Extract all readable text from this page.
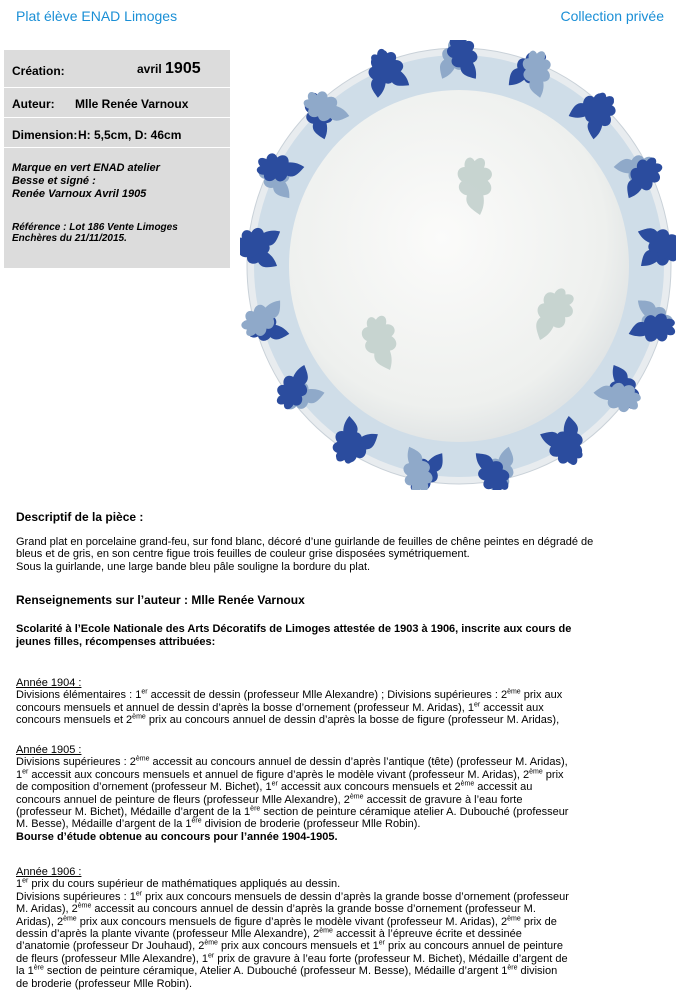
Plat élève ENAD Limoges	Collection privée
Création:	avril 1905
Auteur: Mlle Renée Varnoux
Dimension: H: 5,5cm, D: 46cm
Marque en vert ENAD atelier
Besse et signé :
Renée Varnoux Avril 1905
Référence : Lot 186 Vente Limoges
Enchères du 21/11/2015.
Descriptif de la pièce :
Grand plat en porcelaine grand-feu, sur fond blanc, décoré d’une guirlande de feuilles de chêne peintes en dégradé de
bleus et de gris, en son centre figue trois feuilles de couleur grise disposées symétriquement.
Sous la guirlande, une large bande bleu pâle souligne la bordure du plat.
Renseignements sur l’auteur : Mlle Renée Varnoux
Scolarité à l’Ecole Nationale des Arts Décoratifs de Limoges attestée de 1903 à 1906, inscrite aux cours de
jeunes filles, récompenses attribuées:
Année 1904 :
Divisions élémentaires : 1er accessit de dessin (professeur Mlle Alexandre) ; Divisions supérieures : 2ème prix aux
concours mensuels et annuel de dessin d’après la bosse d’ornement (professeur M. Aridas), 1er accessit aux
concours mensuels et 2ème prix au concours annuel de dessin d’après la bosse de figure (professeur M. Aridas),
Année 1905 :
Divisions supérieures : 2ème accessit au concours annuel de dessin d’après l’antique (tête) (professeur M. Aridas),
1er accessit aux concours mensuels et annuel de figure d’après le modèle vivant (professeur M. Aridas), 2ème prix
de composition d’ornement (professeur M. Bichet), 1er accessit aux concours mensuels et 2ème accessit au
concours annuel de peinture de fleurs (professeur Mlle Alexandre), 2ème accessit de gravure à l’eau forte
(professeur M. Bichet), Médaille d’argent de la 1ère section de peinture céramique atelier A. Dubouché (professeur
M. Besse), Médaille d’argent de la 1ère division de broderie (professeur Mlle Robin).
Bourse d’étude obtenue au concours pour l’année 1904-1905.
Année 1906 :
1er prix du cours supérieur de mathématiques appliqués au dessin.
Divisions supérieures : 1er prix aux concours mensuels de dessin d’après la grande bosse d’ornement (professeur
M. Aridas), 2ème accessit au concours annuel de dessin d’après la grande bosse d’ornement (professeur M.
Aridas), 2ème prix aux concours mensuels de figure d’après le modèle vivant (professeur M. Aridas), 2ème prix de
dessin d’après la plante vivante (professeur Mlle Alexandre), 2ème accessit à l’épreuve écrite et dessinée
d’anatomie (professeur Dr Jouhaud), 2ème prix aux concours mensuels et 1er prix au concours annuel de peinture
de fleurs (professeur Mlle Alexandre), 1er prix de gravure à l’eau forte (professeur M. Bichet), Médaille d’argent de
la 1ère section de peinture céramique, Atelier A. Dubouché (professeur M. Besse), Médaille d’argent 1ère division
de broderie (professeur Mlle Robin).
